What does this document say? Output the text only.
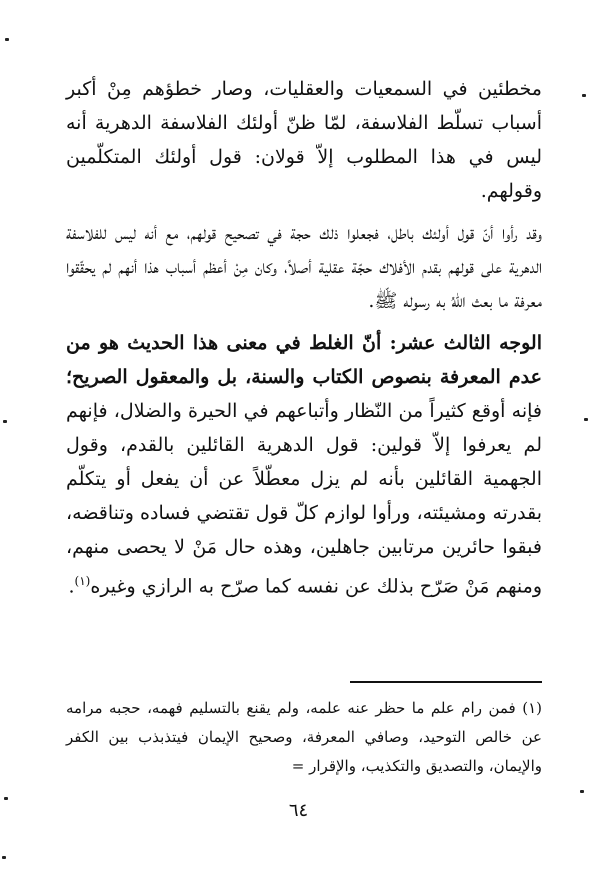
مخطئين في السمعيات والعقليات، وصار خطؤهم مِنْ أكبر أسباب تسلّط الفلاسفة، لمّا ظنّ أولئك الفلاسفة الدهرية أنه ليس في هذا المطلوب إلاّ قولان: قول أولئك المتكلّمين وقولهم.

وقد رأوا أنّ قول أولئك باطل، فجعلوا ذلك حجة في تصحيح قولهم، مع أنه ليس للفلاسفة الدهرية على قولهم بقدم الأفلاك حجّة عقلية أصلاً، وكان مِنْ أعظم أسباب هذا أنهم لم يحقّقوا معرفة ما بعث اللهُ به رسوله ﷺ.

الوجه الثالث عشر: أنّ الغلط في معنى هذا الحديث هو من عدم المعرفة بنصوص الكتاب والسنة، بل والمعقول الصريح؛ فإنه أوقع كثيراً من النّظار وأتباعهم في الحيرة والضلال، فإنهم لم يعرفوا إلاّ قولين: قول الدهرية القائلين بالقدم، وقول الجهمية القائلين بأنه لم يزل معطّلاً عن أن يفعل أو يتكلّم بقدرته ومشيئته، ورأوا لوازم كلّ قول تقتضي فساده وتناقضه، فبقوا حائرين مرتابين جاهلين، وهذه حال مَنْ لا يحصى منهم، ومنهم مَنْ صَرّح بذلك عن نفسه كما صرّح به الرازي وغيره$^{(١)}$.

(١) فمن رام علم ما حظر عنه علمه، ولم يقنع بالتسليم فهمه، حجبه مرامه عن خالص التوحيد، وصافي المعرفة، وصحيح الإيمان فيتذبذب بين الكفر والإيمان، والتصديق والتكذيب، والإقرار =

٦٤
